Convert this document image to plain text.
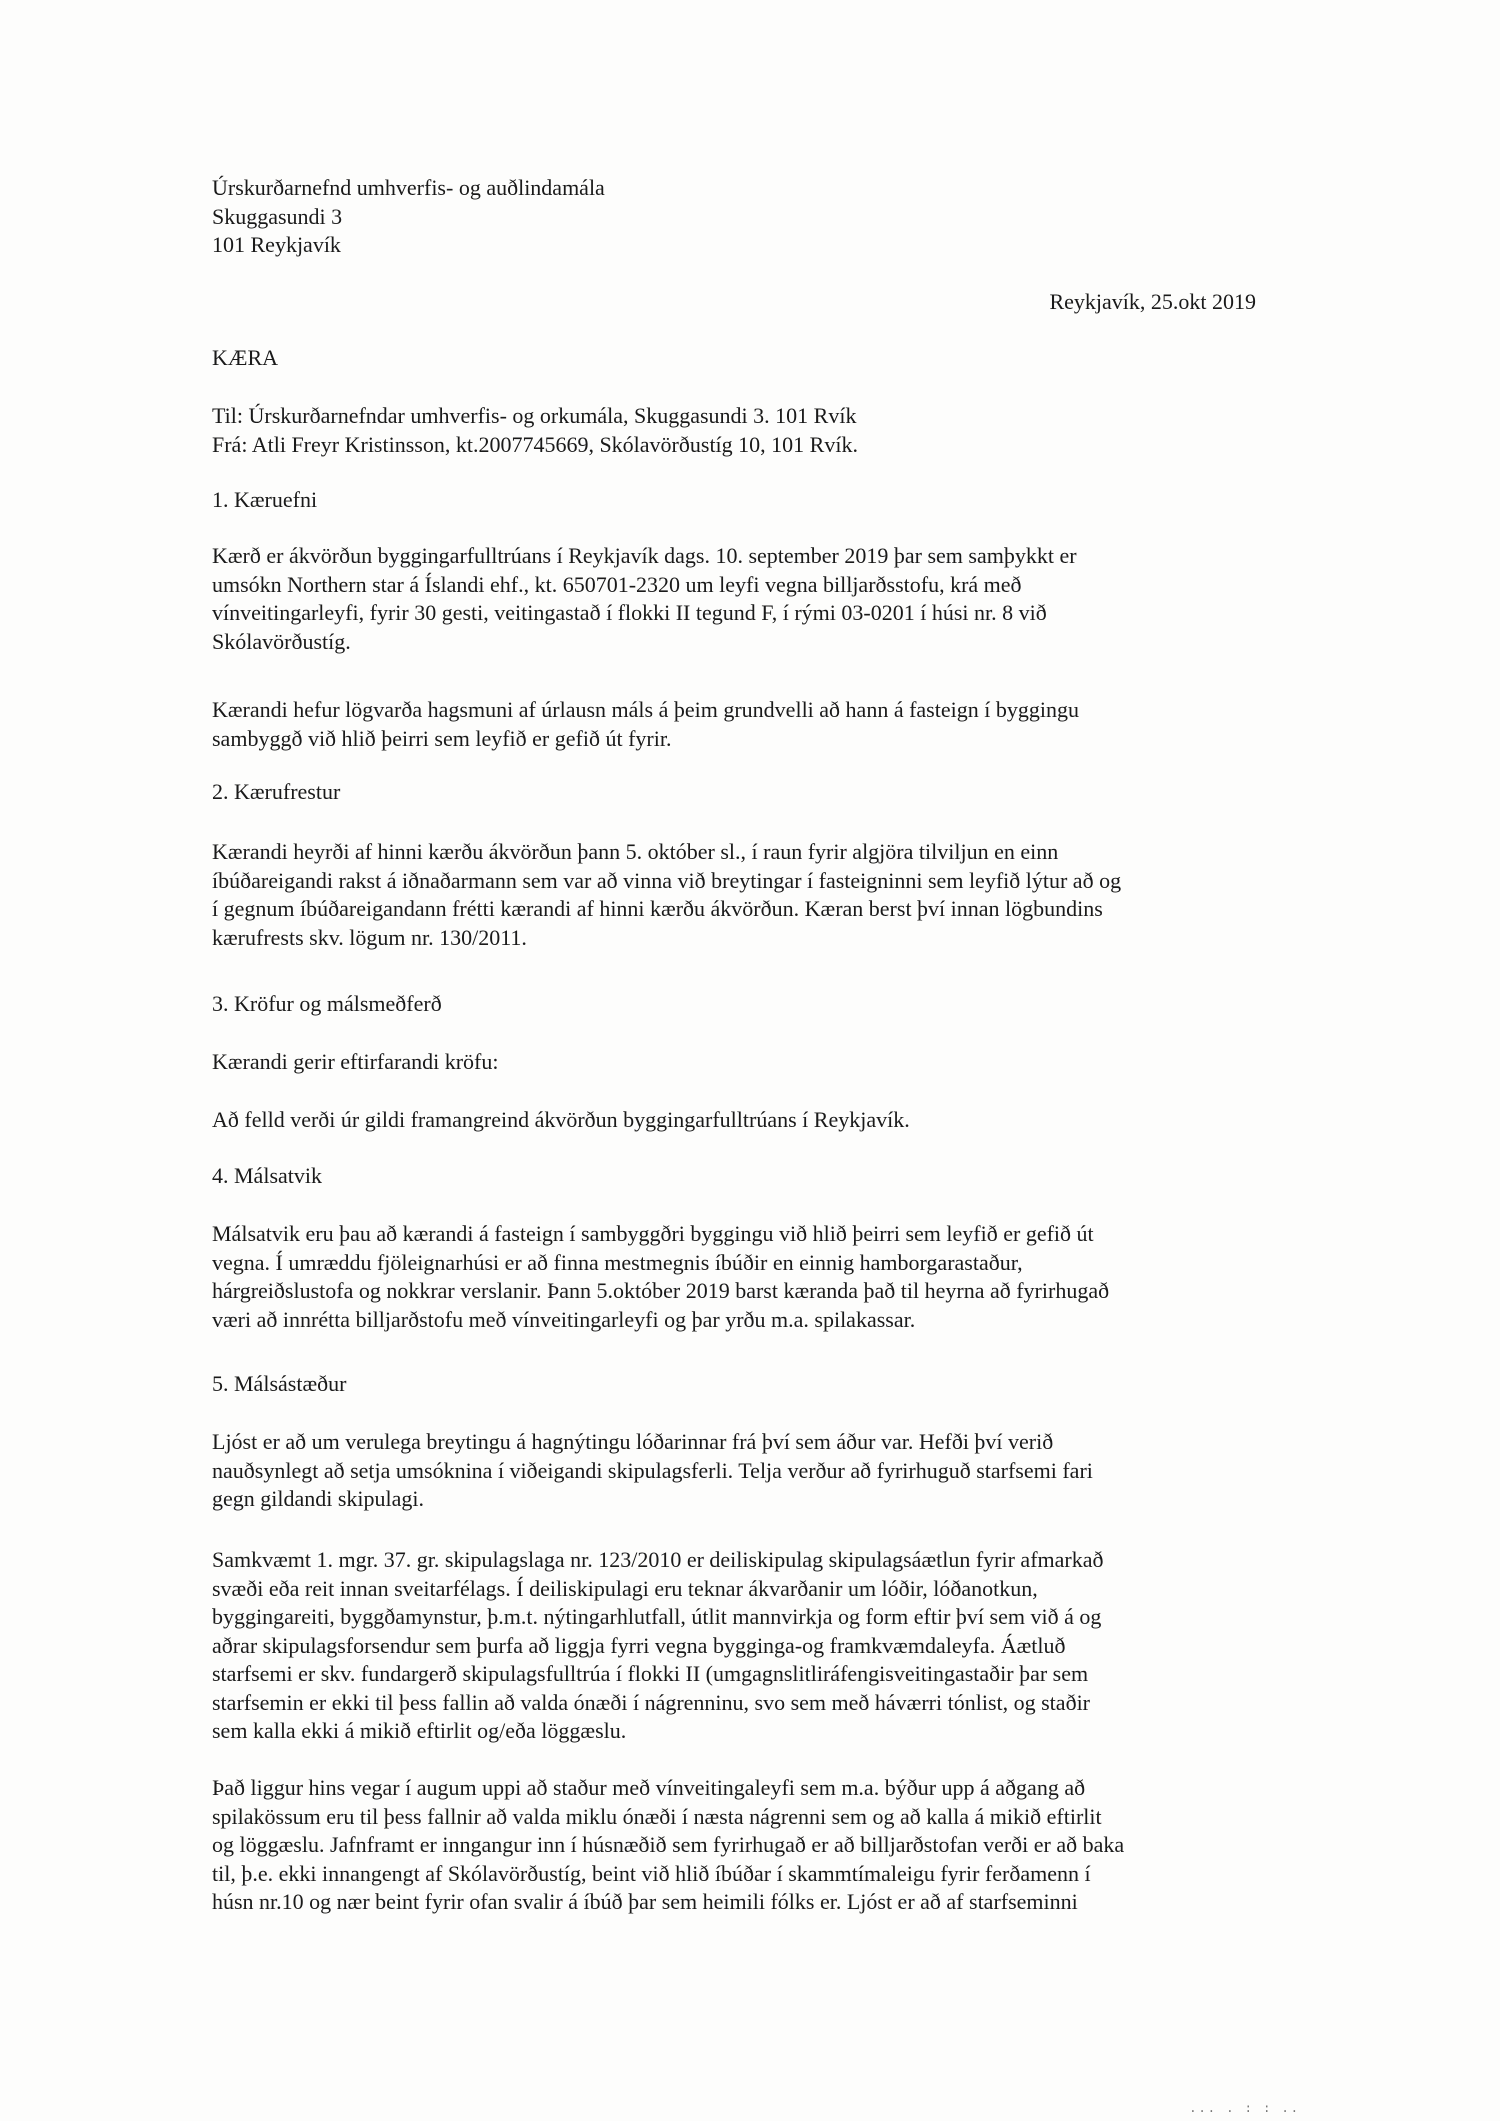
Úrskurðarnefnd umhverfis- og auðlindamála
Skuggasundi 3
101 Reykjavík
Reykjavík, 25.okt 2019
KÆRA
Til: Úrskurðarnefndar umhverfis- og orkumála, Skuggasundi 3. 101 Rvík
Frá: Atli Freyr Kristinsson, kt.2007745669, Skólavörðustíg 10, 101 Rvík.
1. Kæruefni
Kærð er ákvörðun byggingarfulltrúans í Reykjavík dags. 10. september 2019 þar sem samþykkt er
umsókn Northern star á Íslandi ehf., kt. 650701-2320 um leyfi vegna billjarðsstofu, krá með
vínveitingarleyfi, fyrir 30 gesti, veitingastað í flokki II tegund F, í rými 03-0201 í húsi nr. 8 við
Skólavörðustíg.
Kærandi hefur lögvarða hagsmuni af úrlausn máls á þeim grundvelli að hann á fasteign í byggingu
sambyggð við hlið þeirri sem leyfið er gefið út fyrir.
2. Kærufrestur
Kærandi heyrði af hinni kærðu ákvörðun þann 5. október sl., í raun fyrir algjöra tilviljun en einn
íbúðareigandi rakst á iðnaðarmann sem var að vinna við breytingar í fasteigninni sem leyfið lýtur að og
í gegnum íbúðareigandann frétti kærandi af hinni kærðu ákvörðun. Kæran berst því innan lögbundins
kærufrests skv. lögum nr. 130/2011.
3. Kröfur og málsmeðferð
Kærandi gerir eftirfarandi kröfu:
Að felld verði úr gildi framangreind ákvörðun byggingarfulltrúans í Reykjavík.
4. Málsatvik
Málsatvik eru þau að kærandi á fasteign í sambyggðri byggingu við hlið þeirri sem leyfið er gefið út
vegna. Í umræddu fjöleignarhúsi er að finna mestmegnis íbúðir en einnig hamborgarastaður,
hárgreiðslustofa og nokkrar verslanir. Þann 5.október 2019 barst kæranda það til heyrna að fyrirhugað
væri að innrétta billjarðstofu með vínveitingarleyfi og þar yrðu m.a. spilakassar.
5. Málsástæður
Ljóst er að um verulega breytingu á hagnýtingu lóðarinnar frá því sem áður var. Hefði því verið
nauðsynlegt að setja umsóknina í viðeigandi skipulagsferli. Telja verður að fyrirhuguð starfsemi fari
gegn gildandi skipulagi.
Samkvæmt 1. mgr. 37. gr. skipulagslaga nr. 123/2010 er deiliskipulag skipulagsáætlun fyrir afmarkað
svæði eða reit innan sveitarfélags. Í deiliskipulagi eru teknar ákvarðanir um lóðir, lóðanotkun,
byggingareiti, byggðamynstur, þ.m.t. nýtingarhlutfall, útlit mannvirkja og form eftir því sem við á og
aðrar skipulagsforsendur sem þurfa að liggja fyrri vegna bygginga-og framkvæmdaleyfa. Áætluð
starfsemi er skv. fundargerð skipulagsfulltrúa í flokki II (umgagnslitliráfengisveitingastaðir þar sem
starfsemin er ekki til þess fallin að valda ónæði í nágrenninu, svo sem með háværri tónlist, og staðir
sem kalla ekki á mikið eftirlit og/eða löggæslu.
Það liggur hins vegar í augum uppi að staður með vínveitingaleyfi sem m.a. býður upp á aðgang að
spilakössum eru til þess fallnir að valda miklu ónæði í næsta nágrenni sem og að kalla á mikið eftirlit
og löggæslu. Jafnframt er inngangur inn í húsnæðið sem fyrirhugað er að billjarðstofan verði er að baka
til, þ.e. ekki innangengt af Skólavörðustíg, beint við hlið íbúðar í skammtímaleigu fyrir ferðamenn í
húsn nr.10 og nær beint fyrir ofan svalir á íbúð þar sem heimili fólks er. Ljóst er að af starfseminni
... . : : ..
